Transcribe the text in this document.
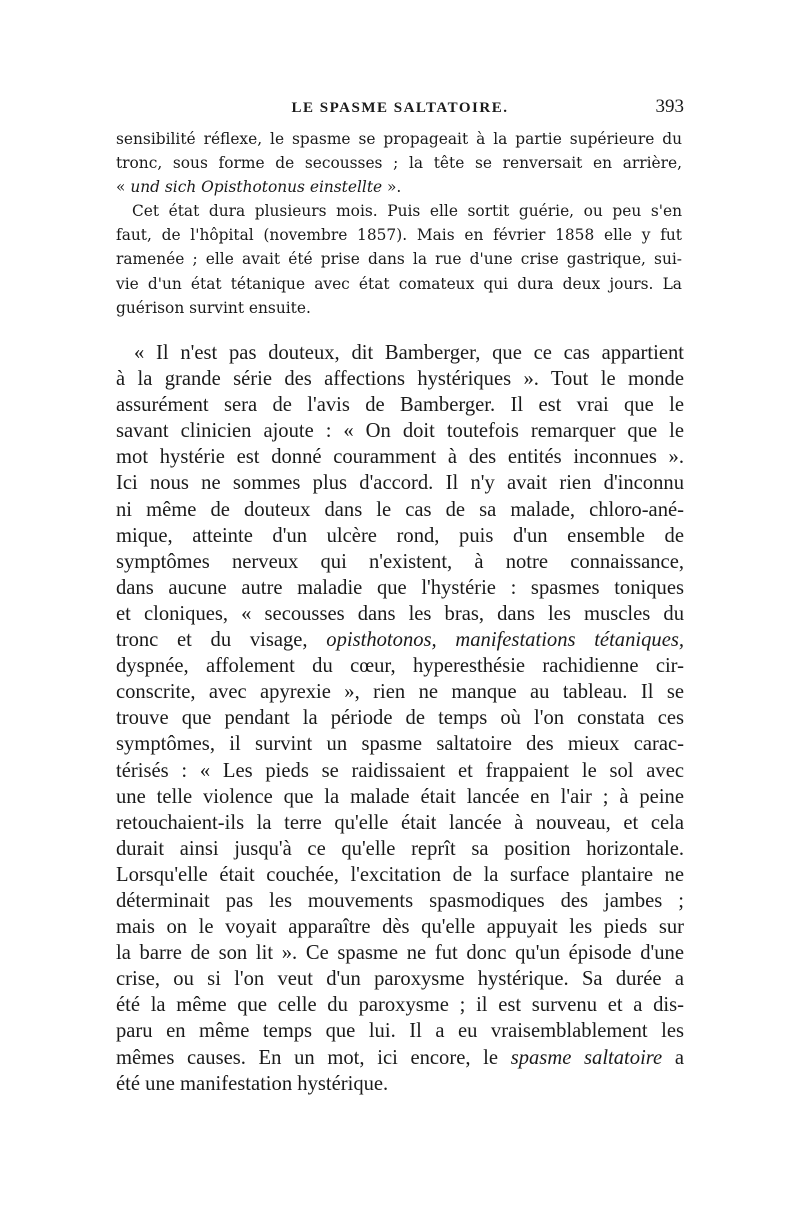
LE SPASME SALTATOIRE.	393
sensibilité réflexe, le spasme se propageait à la partie supérieure du
tronc, sous forme de secousses ; la tête se renversait en arrière,
« und sich Opisthotonus einstellte ».
Cet état dura plusieurs mois. Puis elle sortit guérie, ou peu s'en
faut, de l'hôpital (novembre 1857). Mais en février 1858 elle y fut
ramenée ; elle avait été prise dans la rue d'une crise gastrique, sui-
vie d'un état tétanique avec état comateux qui dura deux jours. La
guérison survint ensuite.
« Il n'est pas douteux, dit Bamberger, que ce cas appartient
à la grande série des affections hystériques ». Tout le monde
assurément sera de l'avis de Bamberger. Il est vrai que le
savant clinicien ajoute : « On doit toutefois remarquer que le
mot hystérie est donné couramment à des entités inconnues ».
Ici nous ne sommes plus d'accord. Il n'y avait rien d'inconnu
ni même de douteux dans le cas de sa malade, chloro-ané-
mique, atteinte d'un ulcère rond, puis d'un ensemble de
symptômes nerveux qui n'existent, à notre connaissance,
dans aucune autre maladie que l'hystérie : spasmes toniques
et cloniques, « secousses dans les bras, dans les muscles du
tronc et du visage, opisthotonos, manifestations tétaniques,
dyspnée, affolement du cœur, hyperesthésie rachidienne cir-
conscrite, avec apyrexie », rien ne manque au tableau. Il se
trouve que pendant la période de temps où l'on constata ces
symptômes, il survint un spasme saltatoire des mieux carac-
térisés : « Les pieds se raidissaient et frappaient le sol avec
une telle violence que la malade était lancée en l'air ; à peine
retouchaient-ils la terre qu'elle était lancée à nouveau, et cela
durait ainsi jusqu'à ce qu'elle reprît sa position horizontale.
Lorsqu'elle était couchée, l'excitation de la surface plantaire ne
déterminait pas les mouvements spasmodiques des jambes ;
mais on le voyait apparaître dès qu'elle appuyait les pieds sur
la barre de son lit ». Ce spasme ne fut donc qu'un épisode d'une
crise, ou si l'on veut d'un paroxysme hystérique. Sa durée a
été la même que celle du paroxysme ; il est survenu et a dis-
paru en même temps que lui. Il a eu vraisemblablement les
mêmes causes. En un mot, ici encore, le spasme saltatoire a
été une manifestation hystérique.
